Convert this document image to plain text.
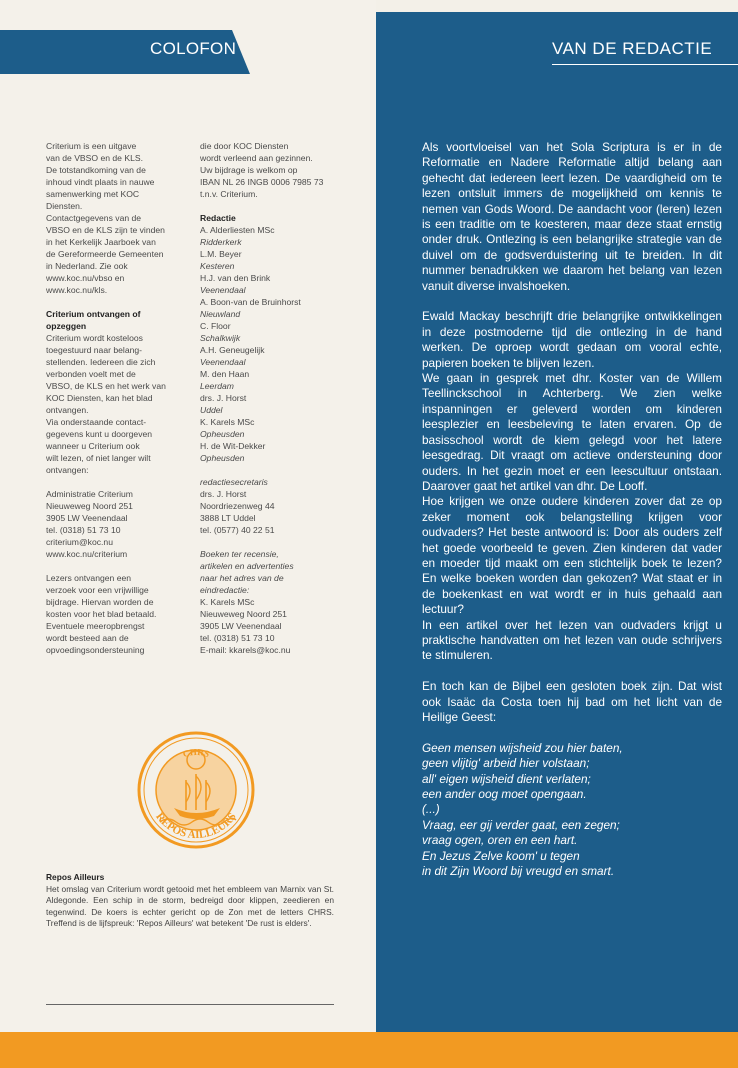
COLOFON	VAN DE REDACTIE
Criterium is een uitgave
van de VBSO en de KLS.
De totstandkoming van de
inhoud vindt plaats in nauwe
samenwerking met KOC
Diensten.
Contactgegevens van de
VBSO en de KLS zijn te vinden
in het Kerkelijk Jaarboek van
de Gereformeerde Gemeenten
in Nederland. Zie ook
www.koc.nu/vbso en
www.koc.nu/kls.
Criterium ontvangen of
opzeggen
Criterium wordt kosteloos
toegestuurd naar belang-
stellenden. Iedereen die zich
verbonden voelt met de
VBSO, de KLS en het werk van
KOC Diensten, kan het blad
ontvangen.
Via onderstaande contact-
gegevens kunt u doorgeven
wanneer u Criterium ook
wilt lezen, of niet langer wilt
ontvangen:
Administratie Criterium
Nieuweweg Noord 251
3905 LW Veenendaal
tel. (0318) 51 73 10
criterium@koc.nu
www.koc.nu/criterium
Lezers ontvangen een
verzoek voor een vrijwillige
bijdrage. Hiervan worden de
kosten voor het blad betaald.
Eventuele meeropbrengst
wordt besteed aan de
opvoedingsondersteuning
die door KOC Diensten
wordt verleend aan gezinnen.
Uw bijdrage is welkom op
IBAN NL 26 INGB 0006 7985 73
t.n.v. Criterium.
Redactie
A. Alderliesten MSc
Ridderkerk
L.M. Beyer
Kesteren
H.J. van den Brink
Veenendaal
A. Boon-van de Bruinhorst
Nieuwland
C. Floor
Schalkwijk
A.H. Geneugelijk
Veenendaal
M. den Haan
Leerdam
drs. J. Horst
Uddel
K. Karels MSc
Opheusden
H. de Wit-Dekker
Opheusden
redactiesecretaris
drs. J. Horst
Noordriezenweg 44
3888 LT Uddel
tel. (0577) 40 22 51
Boeken ter recensie,
artikelen en advertenties
naar het adres van de
eindredactie:
K. Karels MSc
Nieuweweg Noord 251
3905 LW Veenendaal
tel. (0318) 51 73 10
E-mail: kkarels@koc.nu
CHRS
REPOS AILLEURS
Repos Ailleurs
Het omslag van Criterium wordt getooid met het embleem van Marnix van St. Aldegonde. Een schip in de storm, bedreigd door klippen, zeedieren en tegenwind. De koers is echter gericht op de Zon met de letters CHRS. Treffend is de lijfspreuk: 'Repos Ailleurs' wat betekent 'De rust is elders'.
Als voortvloeisel van het Sola Scriptura is er in de Reformatie en Nadere Reformatie altijd belang aan gehecht dat iedereen leert lezen. De vaardigheid om te lezen ontsluit immers de mogelijkheid om kennis te nemen van Gods Woord. De aandacht voor (leren) lezen is een traditie om te koesteren, maar deze staat ernstig onder druk. Ontlezing is een belangrijke strategie van de duivel om de godsverduistering uit te breiden. In dit nummer benadrukken we daarom het belang van lezen vanuit diverse invalshoeken.
Ewald Mackay beschrijft drie belangrijke ontwikkelingen in deze postmoderne tijd die ontlezing in de hand werken. De oproep wordt gedaan om vooral echte, papieren boeken te blijven lezen.
We gaan in gesprek met dhr. Koster van de Willem Teellinckschool in Achterberg. We zien welke inspanningen er geleverd worden om kinderen leesplezier en leesbeleving te laten ervaren. Op de basisschool wordt de kiem gelegd voor het latere leesgedrag. Dit vraagt om actieve ondersteuning door ouders. In het gezin moet er een leescultuur ontstaan. Daarover gaat het artikel van dhr. De Looff.
Hoe krijgen we onze oudere kinderen zover dat ze op zeker moment ook belangstelling krijgen voor oudvaders? Het beste antwoord is: Door als ouders zelf het goede voorbeeld te geven. Zien kinderen dat vader en moeder tijd maakt om een stichtelijk boek te lezen? En welke boeken worden dan gekozen? Wat staat er in de boekenkast en wat wordt er in huis gehaald aan lectuur?
In een artikel over het lezen van oudvaders krijgt u praktische handvatten om het lezen van oude schrijvers te stimuleren.
En toch kan de Bijbel een gesloten boek zijn. Dat wist ook Isaäc da Costa toen hij bad om het licht van de Heilige Geest:
Geen mensen wijsheid zou hier baten,
geen vlijtig' arbeid hier volstaan;
all' eigen wijsheid dient verlaten;
een ander oog moet opengaan.
(...)
Vraag, eer gij verder gaat, een zegen;
vraag ogen, oren en een hart.
En Jezus Zelve koom' u tegen
in dit Zijn Woord bij vreugd en smart.
